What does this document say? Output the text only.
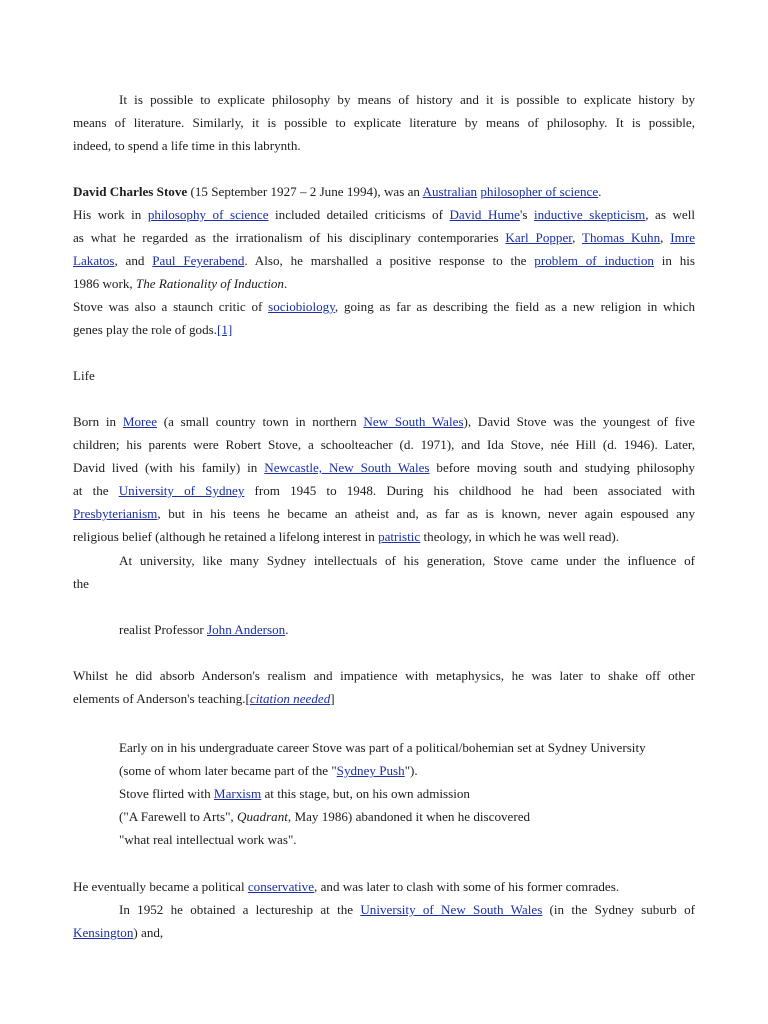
It is possible to explicate philosophy by means of history and it is possible to explicate history by
means of literature. Similarly, it is possible to explicate literature by means of philosophy. It is possible,
indeed, to spend a life time in this labrynth.
David Charles Stove (15 September 1927 – 2 June 1994), was an Australian philosopher of science.
His work in philosophy of science included detailed criticisms of David Hume's inductive skepticism, as well
as what he regarded as the irrationalism of his disciplinary contemporaries Karl Popper, Thomas Kuhn, Imre
Lakatos, and Paul Feyerabend. Also, he marshalled a positive response to the problem of induction in his
1986 work, The Rationality of Induction.
Stove was also a staunch critic of sociobiology, going as far as describing the field as a new religion in which
genes play the role of gods.[1]
Life
Born in Moree (a small country town in northern New South Wales), David Stove was the youngest of five
children; his parents were Robert Stove, a schoolteacher (d. 1971), and Ida Stove, née Hill (d. 1946). Later,
David lived (with his family) in Newcastle, New South Wales before moving south and studying philosophy
at the University of Sydney from 1945 to 1948. During his childhood he had been associated with
Presbyterianism, but in his teens he became an atheist and, as far as is known, never again espoused any
religious belief (although he retained a lifelong interest in patristic theology, in which he was well read).
At university, like many Sydney intellectuals of his generation, Stove came under the influence of
the
realist Professor John Anderson.
Whilst he did absorb Anderson's realism and impatience with metaphysics, he was later to shake off other
elements of Anderson's teaching.[citation needed]
Early on in his undergraduate career Stove was part of a political/bohemian set at Sydney University
(some of whom later became part of the "Sydney Push").
Stove flirted with Marxism at this stage, but, on his own admission
("A Farewell to Arts", Quadrant, May 1986) abandoned it when he discovered
"what real intellectual work was".
He eventually became a political conservative, and was later to clash with some of his former comrades.
In 1952 he obtained a lectureship at the University of New South Wales (in the Sydney suburb of
Kensington) and,
